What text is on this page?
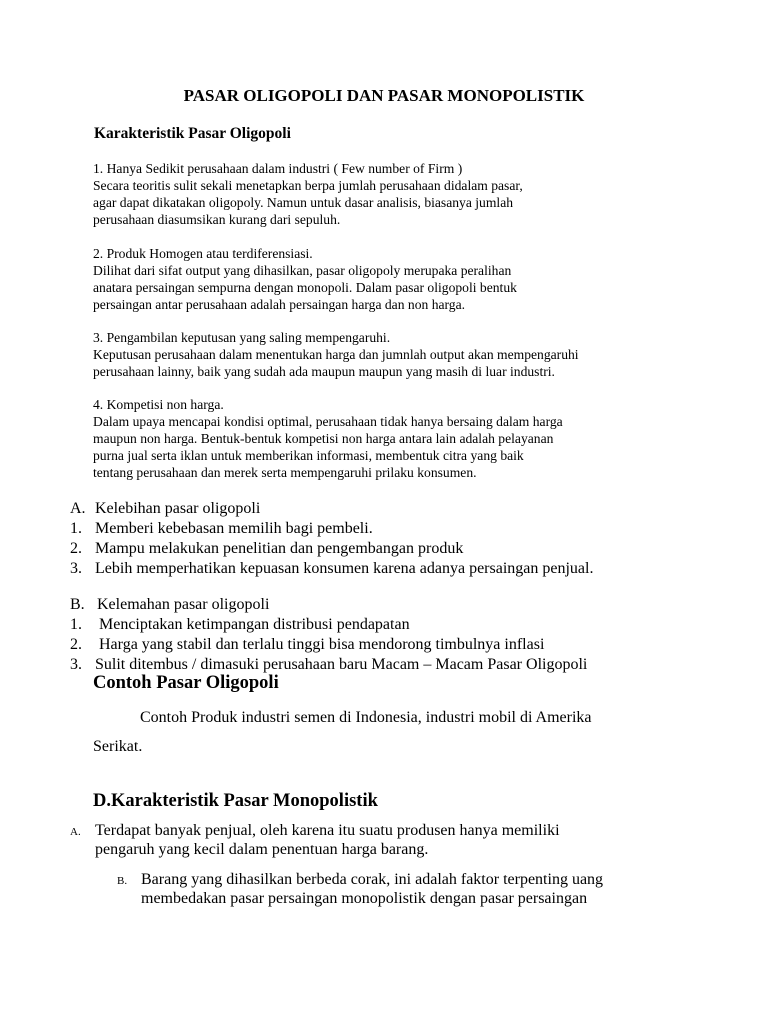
PASAR OLIGOPOLI DAN PASAR MONOPOLISTIK
Karakteristik Pasar Oligopoli
1. Hanya Sedikit perusahaan dalam industri ( Few number of Firm )
Secara teoritis sulit sekali menetapkan berpa jumlah perusahaan didalam pasar,
agar dapat dikatakan oligopoly. Namun untuk dasar analisis, biasanya jumlah
perusahaan diasumsikan kurang dari sepuluh.
2. Produk Homogen atau terdiferensiasi.
Dilihat dari sifat output yang dihasilkan, pasar oligopoly merupaka peralihan
anatara persaingan sempurna dengan monopoli. Dalam pasar oligopoli bentuk
persaingan antar perusahaan adalah persaingan harga dan non harga.
3. Pengambilan keputusan yang saling mempengaruhi.
Keputusan perusahaan dalam menentukan harga dan jumnlah output akan mempengaruhi
perusahaan lainny, baik yang sudah ada maupun maupun yang masih di luar industri.
4. Kompetisi non harga.
Dalam upaya mencapai kondisi optimal, perusahaan tidak hanya bersaing dalam harga
maupun non harga. Bentuk-bentuk kompetisi non harga antara lain adalah pelayanan
purna jual serta iklan untuk memberikan informasi, membentuk citra yang baik
tentang perusahaan dan merek serta mempengaruhi prilaku konsumen.
A. Kelebihan pasar oligopoli
1. Memberi kebebasan memilih bagi pembeli.
2. Mampu melakukan penelitian dan pengembangan produk
3. Lebih memperhatikan kepuasan konsumen karena adanya persaingan penjual.
B. Kelemahan pasar oligopoli
1. Menciptakan ketimpangan distribusi pendapatan
2. Harga yang stabil dan terlalu tinggi bisa mendorong timbulnya inflasi
3. Sulit ditembus / dimasuki perusahaan baru Macam – Macam Pasar Oligopoli
Contoh Pasar Oligopoli
Contoh Produk industri semen di Indonesia, industri mobil di Amerika
Serikat.
D.Karakteristik Pasar Monopolistik
A. Terdapat banyak penjual, oleh karena itu suatu produsen hanya memiliki
pengaruh yang kecil dalam penentuan harga barang.
B. Barang yang dihasilkan berbeda corak, ini adalah faktor terpenting uang
membedakan pasar persaingan monopolistik dengan pasar persaingan
